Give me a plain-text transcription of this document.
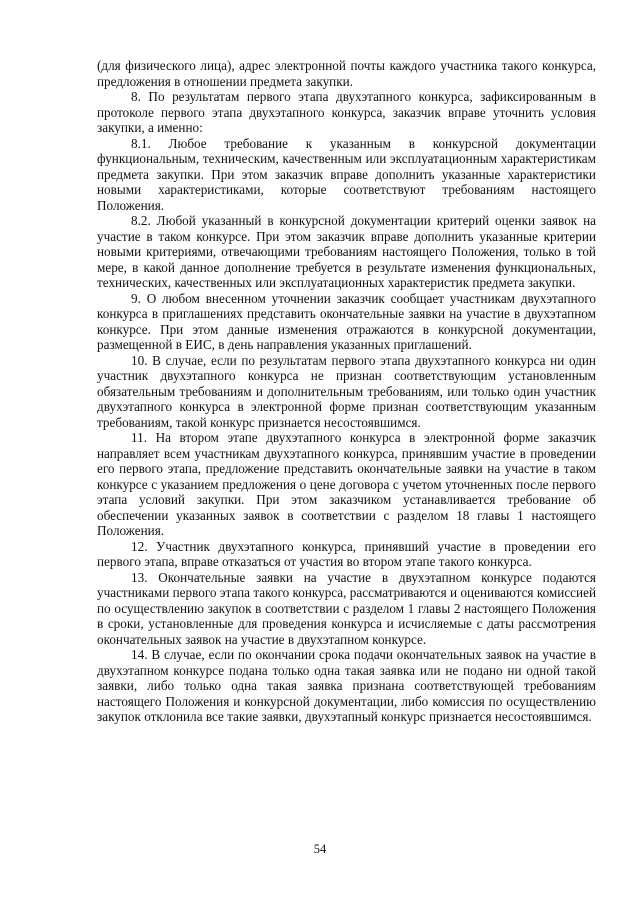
(для физического лица), адрес электронной почты каждого участника такого конкурса, предложения в отношении предмета закупки.

8. По результатам первого этапа двухэтапного конкурса, зафиксированным в протоколе первого этапа двухэтапного конкурса, заказчик вправе уточнить условия закупки, а именно:

8.1. Любое требование к указанным в конкурсной документации функциональным, техническим, качественным или эксплуатационным характеристикам предмета закупки. При этом заказчик вправе дополнить указанные характеристики новыми характеристиками, которые соответствуют требованиям настоящего Положения.

8.2. Любой указанный в конкурсной документации критерий оценки заявок на участие в таком конкурсе. При этом заказчик вправе дополнить указанные критерии новыми критериями, отвечающими требованиям настоящего Положения, только в той мере, в какой данное дополнение требуется в результате изменения функциональных, технических, качественных или эксплуатационных характеристик предмета закупки.

9. О любом внесенном уточнении заказчик сообщает участникам двухэтапного конкурса в приглашениях представить окончательные заявки на участие в двухэтапном конкурсе. При этом данные изменения отражаются в конкурсной документации, размещенной в ЕИС, в день направления указанных приглашений.

10. В случае, если по результатам первого этапа двухэтапного конкурса ни один участник двухэтапного конкурса не признан соответствующим установленным обязательным требованиям и дополнительным требованиям, или только один участник двухэтапного конкурса в электронной форме признан соответствующим указанным требованиям, такой конкурс признается несостоявшимся.

11. На втором этапе двухэтапного конкурса в электронной форме заказчик направляет всем участникам двухэтапного конкурса, принявшим участие в проведении его первого этапа, предложение представить окончательные заявки на участие в таком конкурсе с указанием предложения о цене договора с учетом уточненных после первого этапа условий закупки. При этом заказчиком устанавливается требование об обеспечении указанных заявок в соответствии с разделом 18 главы 1 настоящего Положения.

12. Участник двухэтапного конкурса, принявший участие в проведении его первого этапа, вправе отказаться от участия во втором этапе такого конкурса.

13. Окончательные заявки на участие в двухэтапном конкурсе подаются участниками первого этапа такого конкурса, рассматриваются и оцениваются комиссией по осуществлению закупок в соответствии с разделом 1 главы 2 настоящего Положения в сроки, установленные для проведения конкурса и исчисляемые с даты рассмотрения окончательных заявок на участие в двухэтапном конкурсе.

14. В случае, если по окончании срока подачи окончательных заявок на участие в двухэтапном конкурсе подана только одна такая заявка или не подано ни одной такой заявки, либо только одна такая заявка признана соответствующей требованиям настоящего Положения и конкурсной документации, либо комиссия по осуществлению закупок отклонила все такие заявки, двухэтапный конкурс признается несостоявшимся.

54
